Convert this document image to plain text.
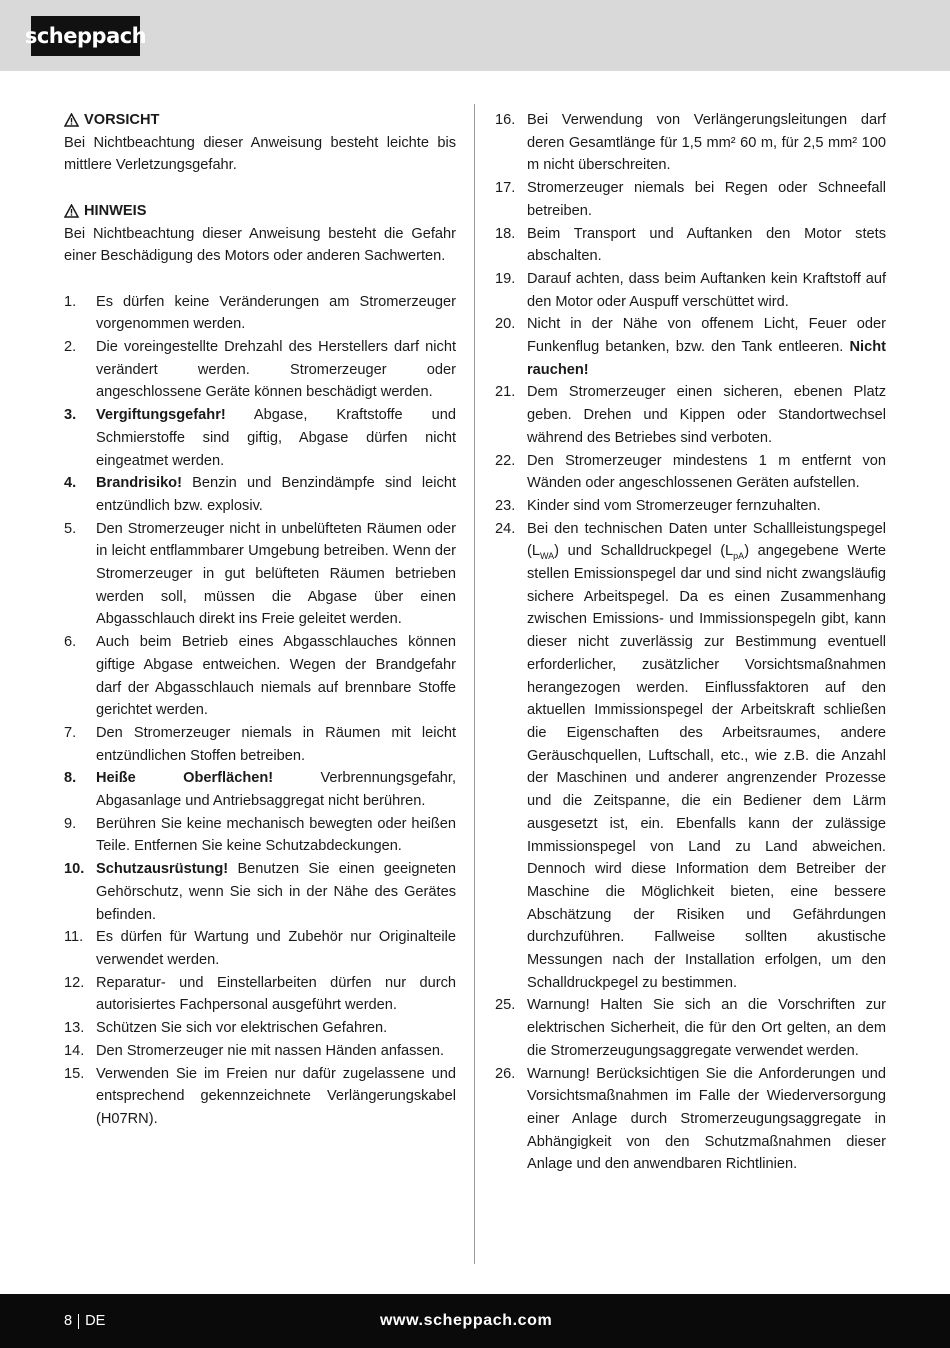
scheppach
VORSICHT
Bei Nichtbeachtung dieser Anweisung besteht leichte bis mittlere Verletzungsgefahr.
HINWEIS
Bei Nichtbeachtung dieser Anweisung besteht die Gefahr einer Beschädigung des Motors oder anderen Sachwerten.
1. Es dürfen keine Veränderungen am Stromerzeuger vorgenommen werden.
2. Die voreingestellte Drehzahl des Herstellers darf nicht verändert werden. Stromerzeuger oder angeschlossene Geräte können beschädigt werden.
3. Vergiftungsgefahr! Abgase, Kraftstoffe und Schmierstoffe sind giftig, Abgase dürfen nicht eingeatmet werden.
4. Brandrisiko! Benzin und Benzindämpfe sind leicht entzündlich bzw. explosiv.
5. Den Stromerzeuger nicht in unbelüfteten Räumen oder in leicht entflammbarer Umgebung betreiben. Wenn der Stromerzeuger in gut belüfteten Räumen betrieben werden soll, müssen die Abgase über einen Abgasschlauch direkt ins Freie geleitet werden.
6. Auch beim Betrieb eines Abgasschlauches können giftige Abgase entweichen. Wegen der Brandgefahr darf der Abgasschlauch niemals auf brennbare Stoffe gerichtet werden.
7. Den Stromerzeuger niemals in Räumen mit leicht entzündlichen Stoffen betreiben.
8. Heiße Oberflächen! Verbrennungsgefahr, Abgasanlage und Antriebsaggregat nicht berühren.
9. Berühren Sie keine mechanisch bewegten oder heißen Teile. Entfernen Sie keine Schutzabdeckungen.
10. Schutzausrüstung! Benutzen Sie einen geeigneten Gehörschutz, wenn Sie sich in der Nähe des Gerätes befinden.
11. Es dürfen für Wartung und Zubehör nur Originalteile verwendet werden.
12. Reparatur- und Einstellarbeiten dürfen nur durch autorisiertes Fachpersonal ausgeführt werden.
13. Schützen Sie sich vor elektrischen Gefahren.
14. Den Stromerzeuger nie mit nassen Händen anfassen.
15. Verwenden Sie im Freien nur dafür zugelassene und entsprechend gekennzeichnete Verlängerungskabel (H07RN).
16. Bei Verwendung von Verlängerungsleitungen darf deren Gesamtlänge für 1,5 mm² 60 m, für 2,5 mm² 100 m nicht überschreiten.
17. Stromerzeuger niemals bei Regen oder Schneefall betreiben.
18. Beim Transport und Auftanken den Motor stets abschalten.
19. Darauf achten, dass beim Auftanken kein Kraftstoff auf den Motor oder Auspuff verschüttet wird.
20. Nicht in der Nähe von offenem Licht, Feuer oder Funkenflug betanken, bzw. den Tank entleeren. Nicht rauchen!
21. Dem Stromerzeuger einen sicheren, ebenen Platz geben. Drehen und Kippen oder Standortwechsel während des Betriebes sind verboten.
22. Den Stromerzeuger mindestens 1 m entfernt von Wänden oder angeschlossenen Geräten aufstellen.
23. Kinder sind vom Stromerzeuger fernzuhalten.
24. Bei den technischen Daten unter Schallleistungspegel $(L_{WA})$ und Schalldruckpegel $(L_{pA})$ angegebene Werte stellen Emissionspegel dar und sind nicht zwangsläufig sichere Arbeitspegel. Da es einen Zusammenhang zwischen Emissions- und Immissionspegeln gibt, kann dieser nicht zuverlässig zur Bestimmung eventuell erforderlicher, zusätzlicher Vorsichtsmaßnahmen herangezogen werden. Einflussfaktoren auf den aktuellen Immissionspegel der Arbeitskraft schließen die Eigenschaften des Arbeitsraumes, andere Geräuschquellen, Luftschall, etc., wie z.B. die Anzahl der Maschinen und anderer angrenzender Prozesse und die Zeitspanne, die ein Bediener dem Lärm ausgesetzt ist, ein. Ebenfalls kann der zulässige Immissionspegel von Land zu Land abweichen. Dennoch wird diese Information dem Betreiber der Maschine die Möglichkeit bieten, eine bessere Abschätzung der Risiken und Gefährdungen durchzuführen. Fallweise sollten akustische Messungen nach der Installation erfolgen, um den Schalldruckpegel zu bestimmen.
25. Warnung! Halten Sie sich an die Vorschriften zur elektrischen Sicherheit, die für den Ort gelten, an dem die Stromerzeugungsaggregate verwendet werden.
26. Warnung! Berücksichtigen Sie die Anforderungen und Vorsichtsmaßnahmen im Falle der Wiederversorgung einer Anlage durch Stromerzeugungsaggregate in Abhängigkeit von den Schutzmaßnahmen dieser Anlage und den anwendbaren Richtlinien.
8 DE	www.scheppach.com
